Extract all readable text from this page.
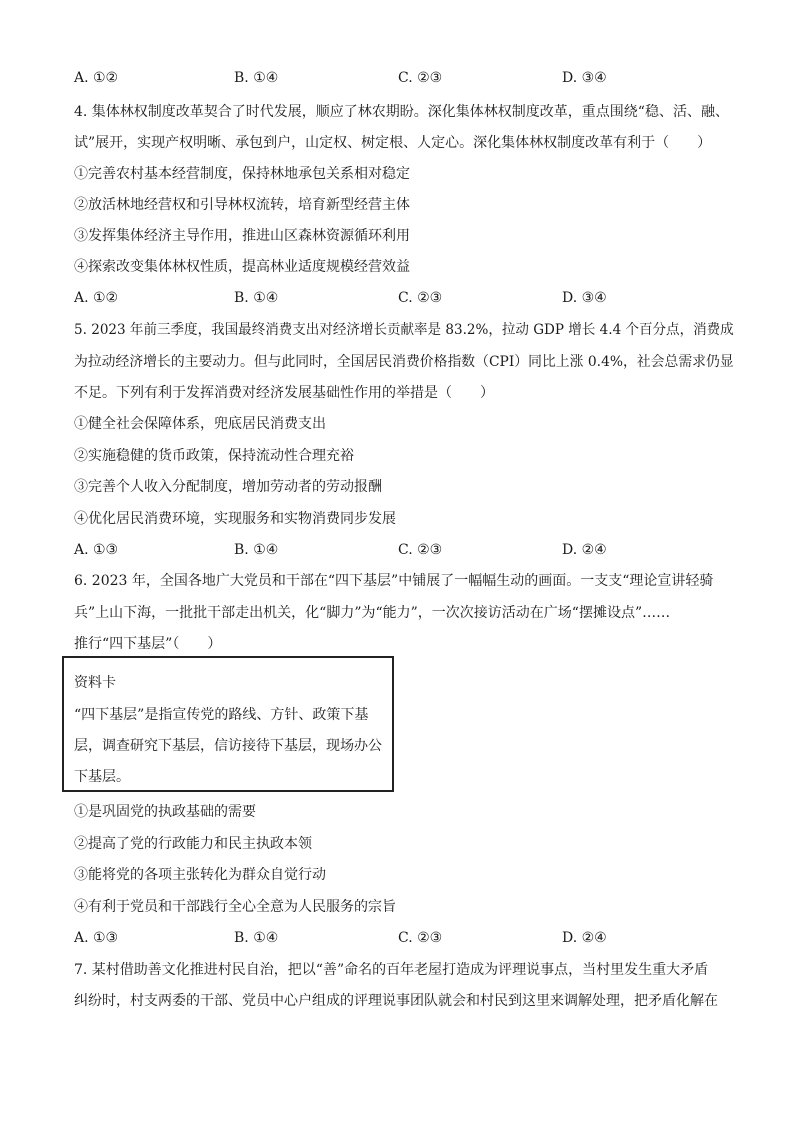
A. ①②	B. ①④	C. ②③	D. ③④
4. 集体林权制度改革契合了时代发展，顺应了林农期盼。深化集体林权制度改革，重点围绕“稳、活、融、
试”展开，实现产权明晰、承包到户，山定权、树定根、人定心。深化集体林权制度改革有利于（　　）
①完善农村基本经营制度，保持林地承包关系相对稳定
②放活林地经营权和引导林权流转，培育新型经营主体
③发挥集体经济主导作用，推进山区森林资源循环利用
④探索改变集体林权性质，提高林业适度规模经营效益
A. ①②	B. ①④	C. ②③	D. ③④
5. 2023 年前三季度，我国最终消费支出对经济增长贡献率是 83.2%，拉动 GDP 增长 4.4 个百分点，消费成
为拉动经济增长的主要动力。但与此同时，全国居民消费价格指数（CPI）同比上涨 0.4%，社会总需求仍显
不足。下列有利于发挥消费对经济发展基础性作用的举措是（　　）
①健全社会保障体系，兜底居民消费支出
②实施稳健的货币政策，保持流动性合理充裕
③完善个人收入分配制度，增加劳动者的劳动报酬
④优化居民消费环境，实现服务和实物消费同步发展
A. ①③	B. ①④	C. ②③	D. ②④
6. 2023 年，全国各地广大党员和干部在“四下基层”中铺展了一幅幅生动的画面。一支支“理论宣讲轻骑
兵”上山下海，一批批干部走出机关，化“脚力”为“能力”，一次次接访活动在广场“摆摊设点”……
推行“四下基层”（　　）
资料卡
“四下基层”是指宣传党的路线、方针、政策下基
层，调查研究下基层，信访接待下基层，现场办公
下基层。
①是巩固党的执政基础的需要
②提高了党的行政能力和民主执政本领
③能将党的各项主张转化为群众自觉行动
④有利于党员和干部践行全心全意为人民服务的宗旨
A. ①③	B. ①④	C. ②③	D. ②④
7. 某村借助善文化推进村民自治，把以“善”命名的百年老屋打造成为评理说事点，当村里发生重大矛盾
纠纷时，村支两委的干部、党员中心户组成的评理说事团队就会和村民到这里来调解处理，把矛盾化解在
